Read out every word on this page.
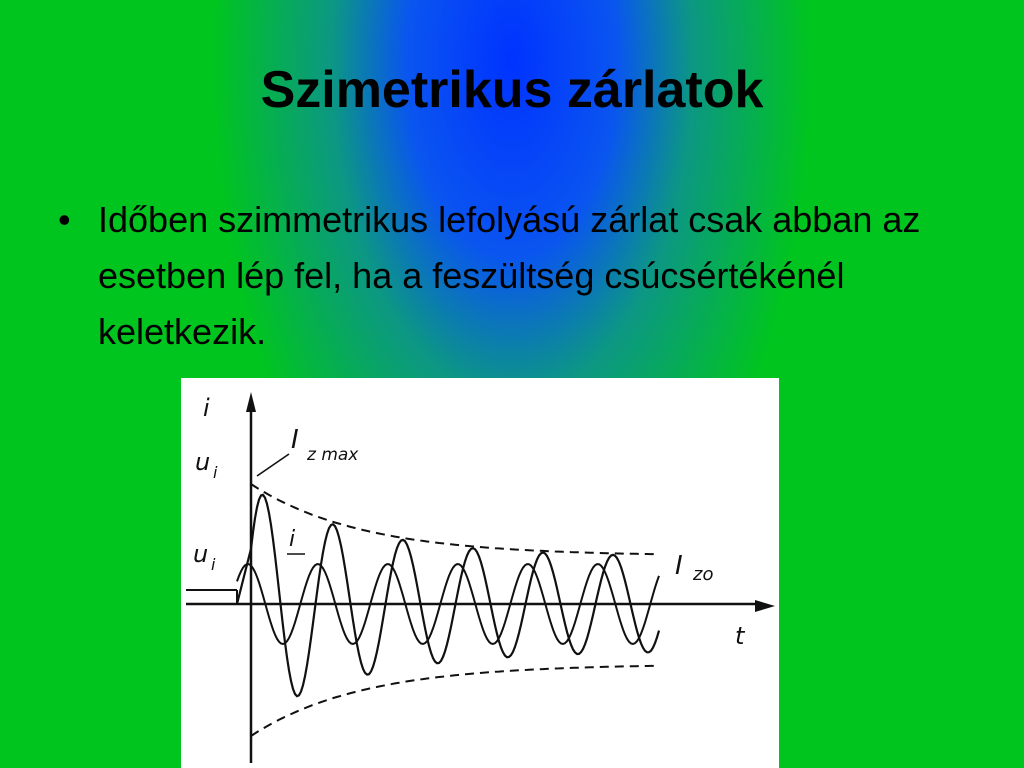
Szimetrikus zárlatok
• Időben szimmetrikus lefolyású zárlat csak abban az esetben lép fel, ha a feszültség csúcsértékénél keletkezik.
i
u i
u i
i
I z max
I zo
t
